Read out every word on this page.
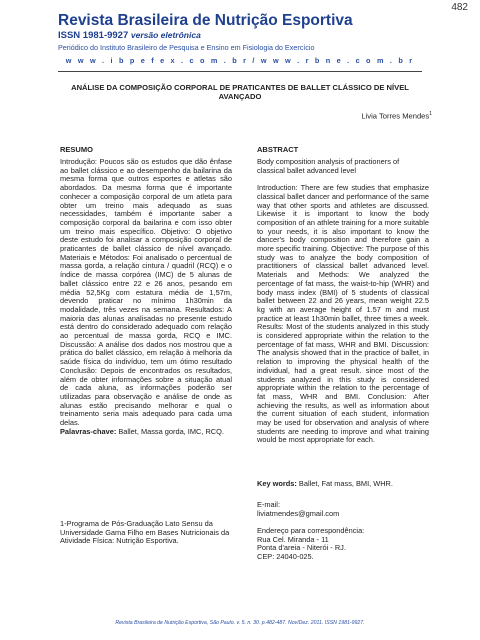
482
Revista Brasileira de Nutrição Esportiva
ISSN 1981-9927 versão eletrônica
Periódico do Instituto Brasileiro de Pesquisa e Ensino em Fisiologia do Exercício
w w w . i b p e f e x . c o m . b r / w w w . r b n e . c o m . b r
ANÁLISE DA COMPOSIÇÃO CORPORAL DE PRATICANTES DE BALLET CLÁSSICO DE NÍVEL AVANÇADO
Livia Torres Mendes$^1$
RESUMO	ABSTRACT
Introdução: Poucos são os estudos que dão ênfase ao ballet clássico e ao desempenho da bailarina da mesma forma que outros esportes e atletas são abordados. Da mesma forma que é importante conhecer a composição corporal de um atleta para obter um treino mais adequado as suas necessidades, também é importante saber a composição corporal da bailarina e com isso obter um treino mais específico. Objetivo: O objetivo deste estudo foi analisar a composição corporal de praticantes de ballet clássico de nível avançado. Materiais e Métodos: Foi analisado o percentual de massa gorda, a relação cintura / quadril (RCQ) e o índice de massa corpórea (IMC) de 5 alunas de ballet clássico entre 22 e 26 anos, pesando em média 52,5Kg com estatura média de 1,57m, devendo praticar no mínimo 1h30min da modalidade, três vezes na semana. Resultados: A maioria das alunas analisadas no presente estudo está dentro do considerado adequado com relação ao percentual de massa gorda, RCQ e IMC. Discussão: A análise dos dados nos mostrou que a prática do ballet clássico, em relação à melhoria da saúde física do indivíduo, tem um ótimo resultado Conclusão: Depois de encontrados os resultados, além de obter informações sobre a situação atual de cada aluna, as informações poderão ser utilizadas para observação e análise de onde as alunas estão precisando melhorar e qual o treinamento seria mais adequado para cada uma delas.
Palavras-chave: Ballet, Massa gorda, IMC, RCQ.
1-Programa de Pós-Graduação Lato Sensu da Universidade Gama Filho em Bases Nutricionais da Atividade Física: Nutrição Esportiva.
Body composition analysis of practioners of classical ballet advanced level
Introduction: There are few studies that emphasize classical ballet dancer and performance of the same way that other sports and athletes are discussed. Likewise it is important to know the body composition of an athlete training for a more suitable to your needs, it is also important to know the dancer's body composition and therefore gain a more specific training. Objective: The purpose of this study was to analyze the body composition of practitioners of classical ballet advanced level. Materials and Methods: We analyzed the percentage of fat mass, the waist-to-hip (WHR) and body mass index (BMI) of 5 students of classical ballet between 22 and 26 years, mean weight 22.5 kg with an average height of 1.57 m and must practice at least 1h30min ballet, three times a week. Results: Most of the students analyzed in this study is considered appropriate within the relation to the percentage of fat mass, WHR and BMI. Discussion: The analysis showed that in the practice of ballet, in relation to improving the physical health of the individual, had a great result. since most of the students analyzed in this study is considered appropriate within the relation to the percentage of fat mass, WHR and BMI. Conclusion: After achieving the results, as well as information about the current situation of each student, information may be used for observation and analysis of where students are needing to improve and what training would be most appropriate for each.
Key words: Ballet, Fat mass, BMI, WHR.
E-mail:
liviatmendes@gmail.com
Endereço para correspondência:
Rua Cel. Miranda - 11
Ponta d'areia - Niterói - RJ.
CEP: 24040-025.
Revista Brasileira de Nutrição Esportiva, São Paulo. v. 5. n. 30. p.482-487. Nov/Dez. 2011. ISSN 1981-9927.
